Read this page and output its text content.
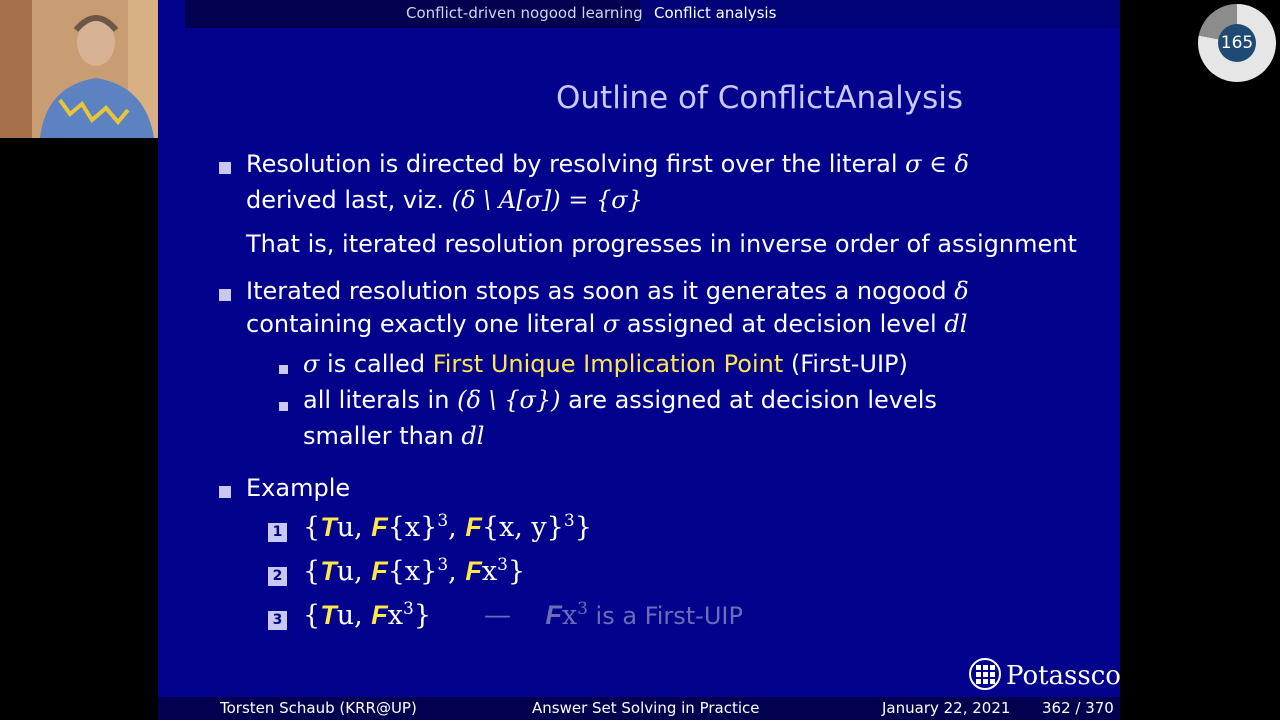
165
Conflict-driven nogood learning Conflict analysis
Outline of ConflictAnalysis
Resolution is directed by resolving first over the literal σ ∈ δ
derived last, viz. (δ \ A[σ]) = {σ}
That is, iterated resolution progresses in inverse order of assignment
Iterated resolution stops as soon as it generates a nogood δ
containing exactly one literal σ assigned at decision level dl
σ is called First Unique Implication Point (First-UIP)
all literals in (δ \ {σ}) are assigned at decision levels
smaller than dl
Example
1 {Tu, $F\{x\}^3$, F{x, y}$^3$}
2 {Tu, $F\{x\}^3$, Fx$^3$}
3 {Tu, Fx$^3$} —    Fx$^3$ is a First-UIP
Potassco
Torsten Schaub (KRR@UP)	Answer Set Solving in Practice	January 22, 2021 362 / 370
